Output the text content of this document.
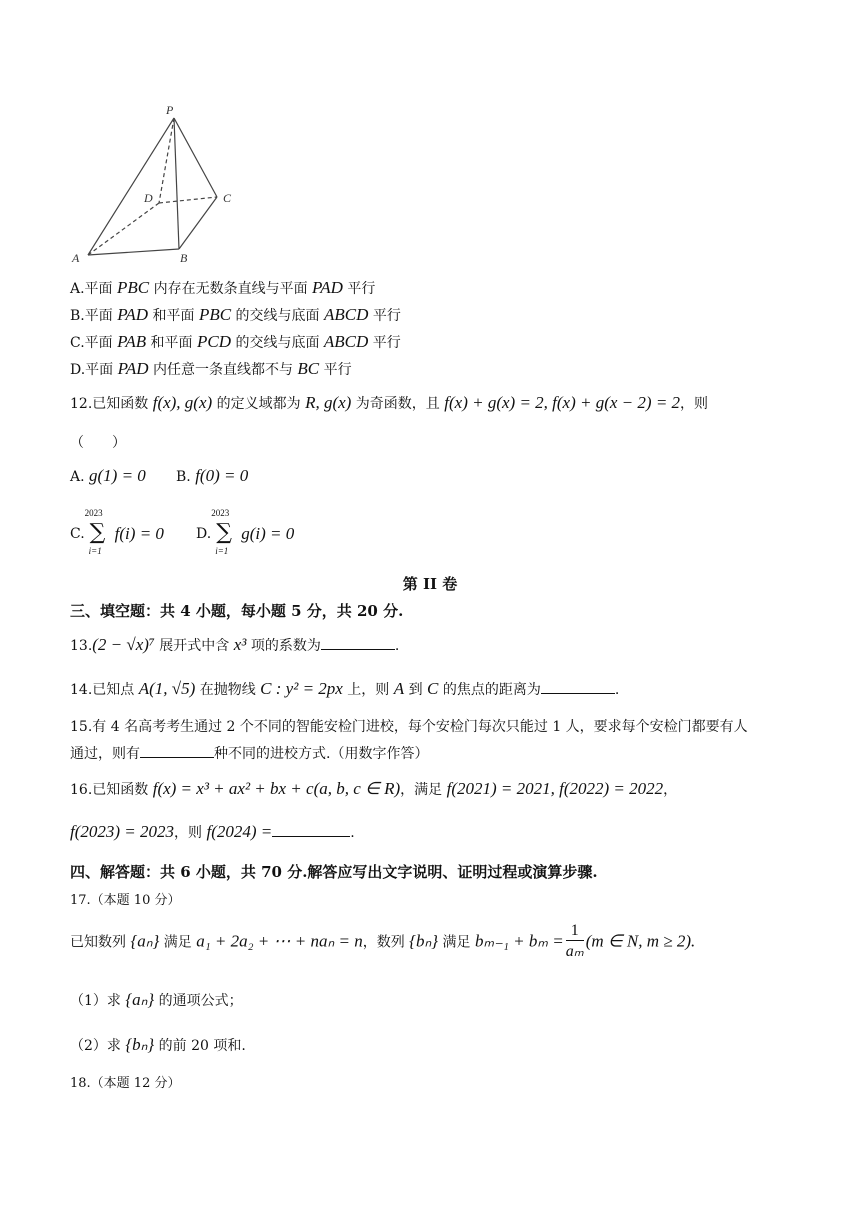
P
A	B
C
D
A.平面 PBC 内存在无数条直线与平面 PAD 平行
B.平面 PAD 和平面 PBC 的交线与底面 ABCD 平行
C.平面 PAB 和平面 PCD 的交线与底面 ABCD 平行
D.平面 PAD 内任意一条直线都不与 BC 平行
12.已知函数 f(x), g(x) 的定义域都为 R, g(x) 为奇函数，且 f(x) + g(x) = 2, f(x) + g(x − 2) = 2，则
（　　）
A. g(1) = 0 B. f(0) = 0
C.
2023
∑
i=1
f(i) = 0 D.
2023
∑
i=1
g(i) = 0
第 II 卷
三、填空题：共 4 小题，每小题 5 分，共 20 分.
13.(2 − √x)⁷ 展开式中含 x³ 项的系数为	.
14.已知点 A(1, √5) 在抛物线 C : y² = 2px 上，则 A 到 C 的焦点的距离为	.
15.有 4 名高考考生通过 2 个不同的智能安检门进校，每个安检门每次只能过 1 人，要求每个安检门都要有人
通过，则有	种不同的进校方式.（用数字作答）
16.已知函数 f(x) = x³ + ax² + bx + c(a, b, c ∈ R)，满足 f(2021) = 2021, f(2022) = 2022，
f(2023) = 2023，则 f(2024) =	.
四、解答题：共 6 小题，共 70 分.解答应写出文字说明、证明过程或演算步骤.
17.（本题 10 分）
已知数列 {aₙ} 满足 a₁ + 2a₂ + ⋯ + naₙ = n，数列 {bₙ} 满足 $b_{m-1} + b_m = \frac{1}{\text{aₘ}} (m$ ∈ N, m ≥ 2).
（1）求 {aₙ} 的通项公式；
（2）求 {bₙ} 的前 20 项和.
18.（本题 12 分）
